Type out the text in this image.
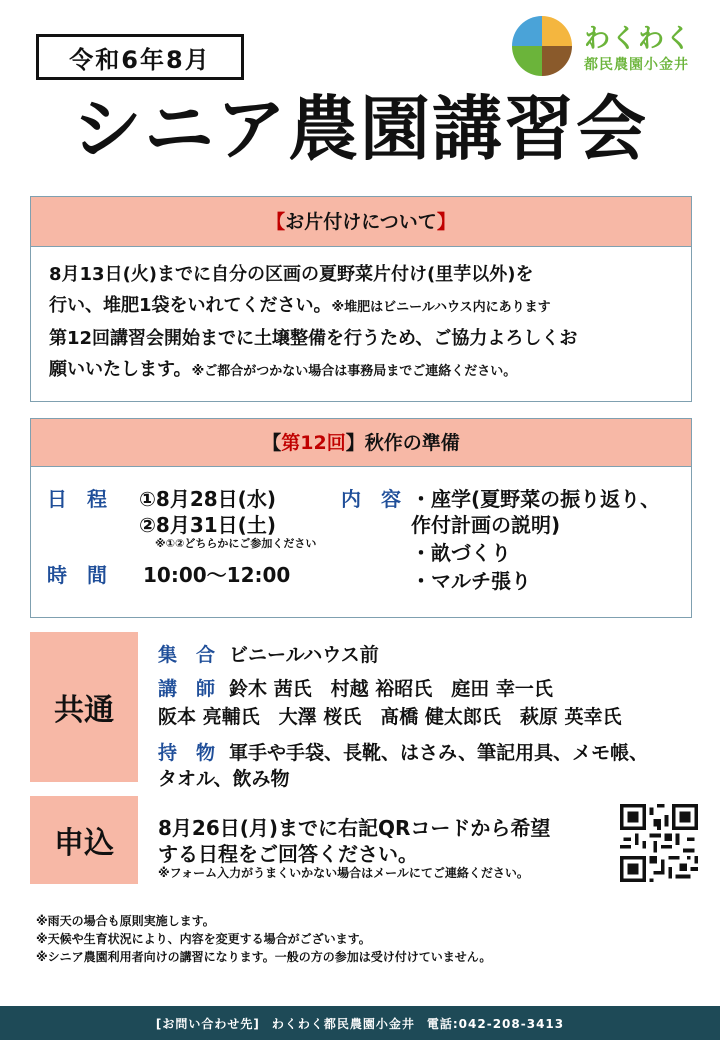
令和6年8月
わくわく
都民農園小金井
シニア農園講習会
【お片付けについて】

8月13日(火)までに自分の区画の夏野菜片付け(里芋以外)を

行い、堆肥1袋をいれてください。※堆肥はビニールハウス内にあります

第12回講習会開始までに土壌整備を行うため、ご協力よろしくお

願いいたします。※ご都合がつかない場合は事務局までご連絡ください。

【第12回】秋作の準備
日　程 ①8月28日(水)
②8月31日(土)
※①②どちらかにご参加ください
時　間 10:00〜12:00
内　容 ・座学(夏野菜の振り返り、
作付計画の説明)
・畝づくり
・マルチ張り
共通
集　合 ビニールハウス前
講　師 鈴木 茜氏　村越 裕昭氏　庭田 幸一氏
阪本 亮輔氏　大澤 桜氏　髙橋 健太郎氏　萩原 英幸氏
持　物 軍手や手袋、長靴、はさみ、筆記用具、メモ帳、
タオル、飲み物
申込	8月26日(月)までに右記QRコードから希望
する日程をご回答ください。
※フォーム入力がうまくいかない場合はメールにてご連絡ください。
※雨天の場合も原則実施します。
※天候や生育状況により、内容を変更する場合がございます。
※シニア農園利用者向けの講習になります。一般の方の参加は受け付けていません。
[お問い合わせ先] わくわく都民農園小金井 電話:042-208-3413
